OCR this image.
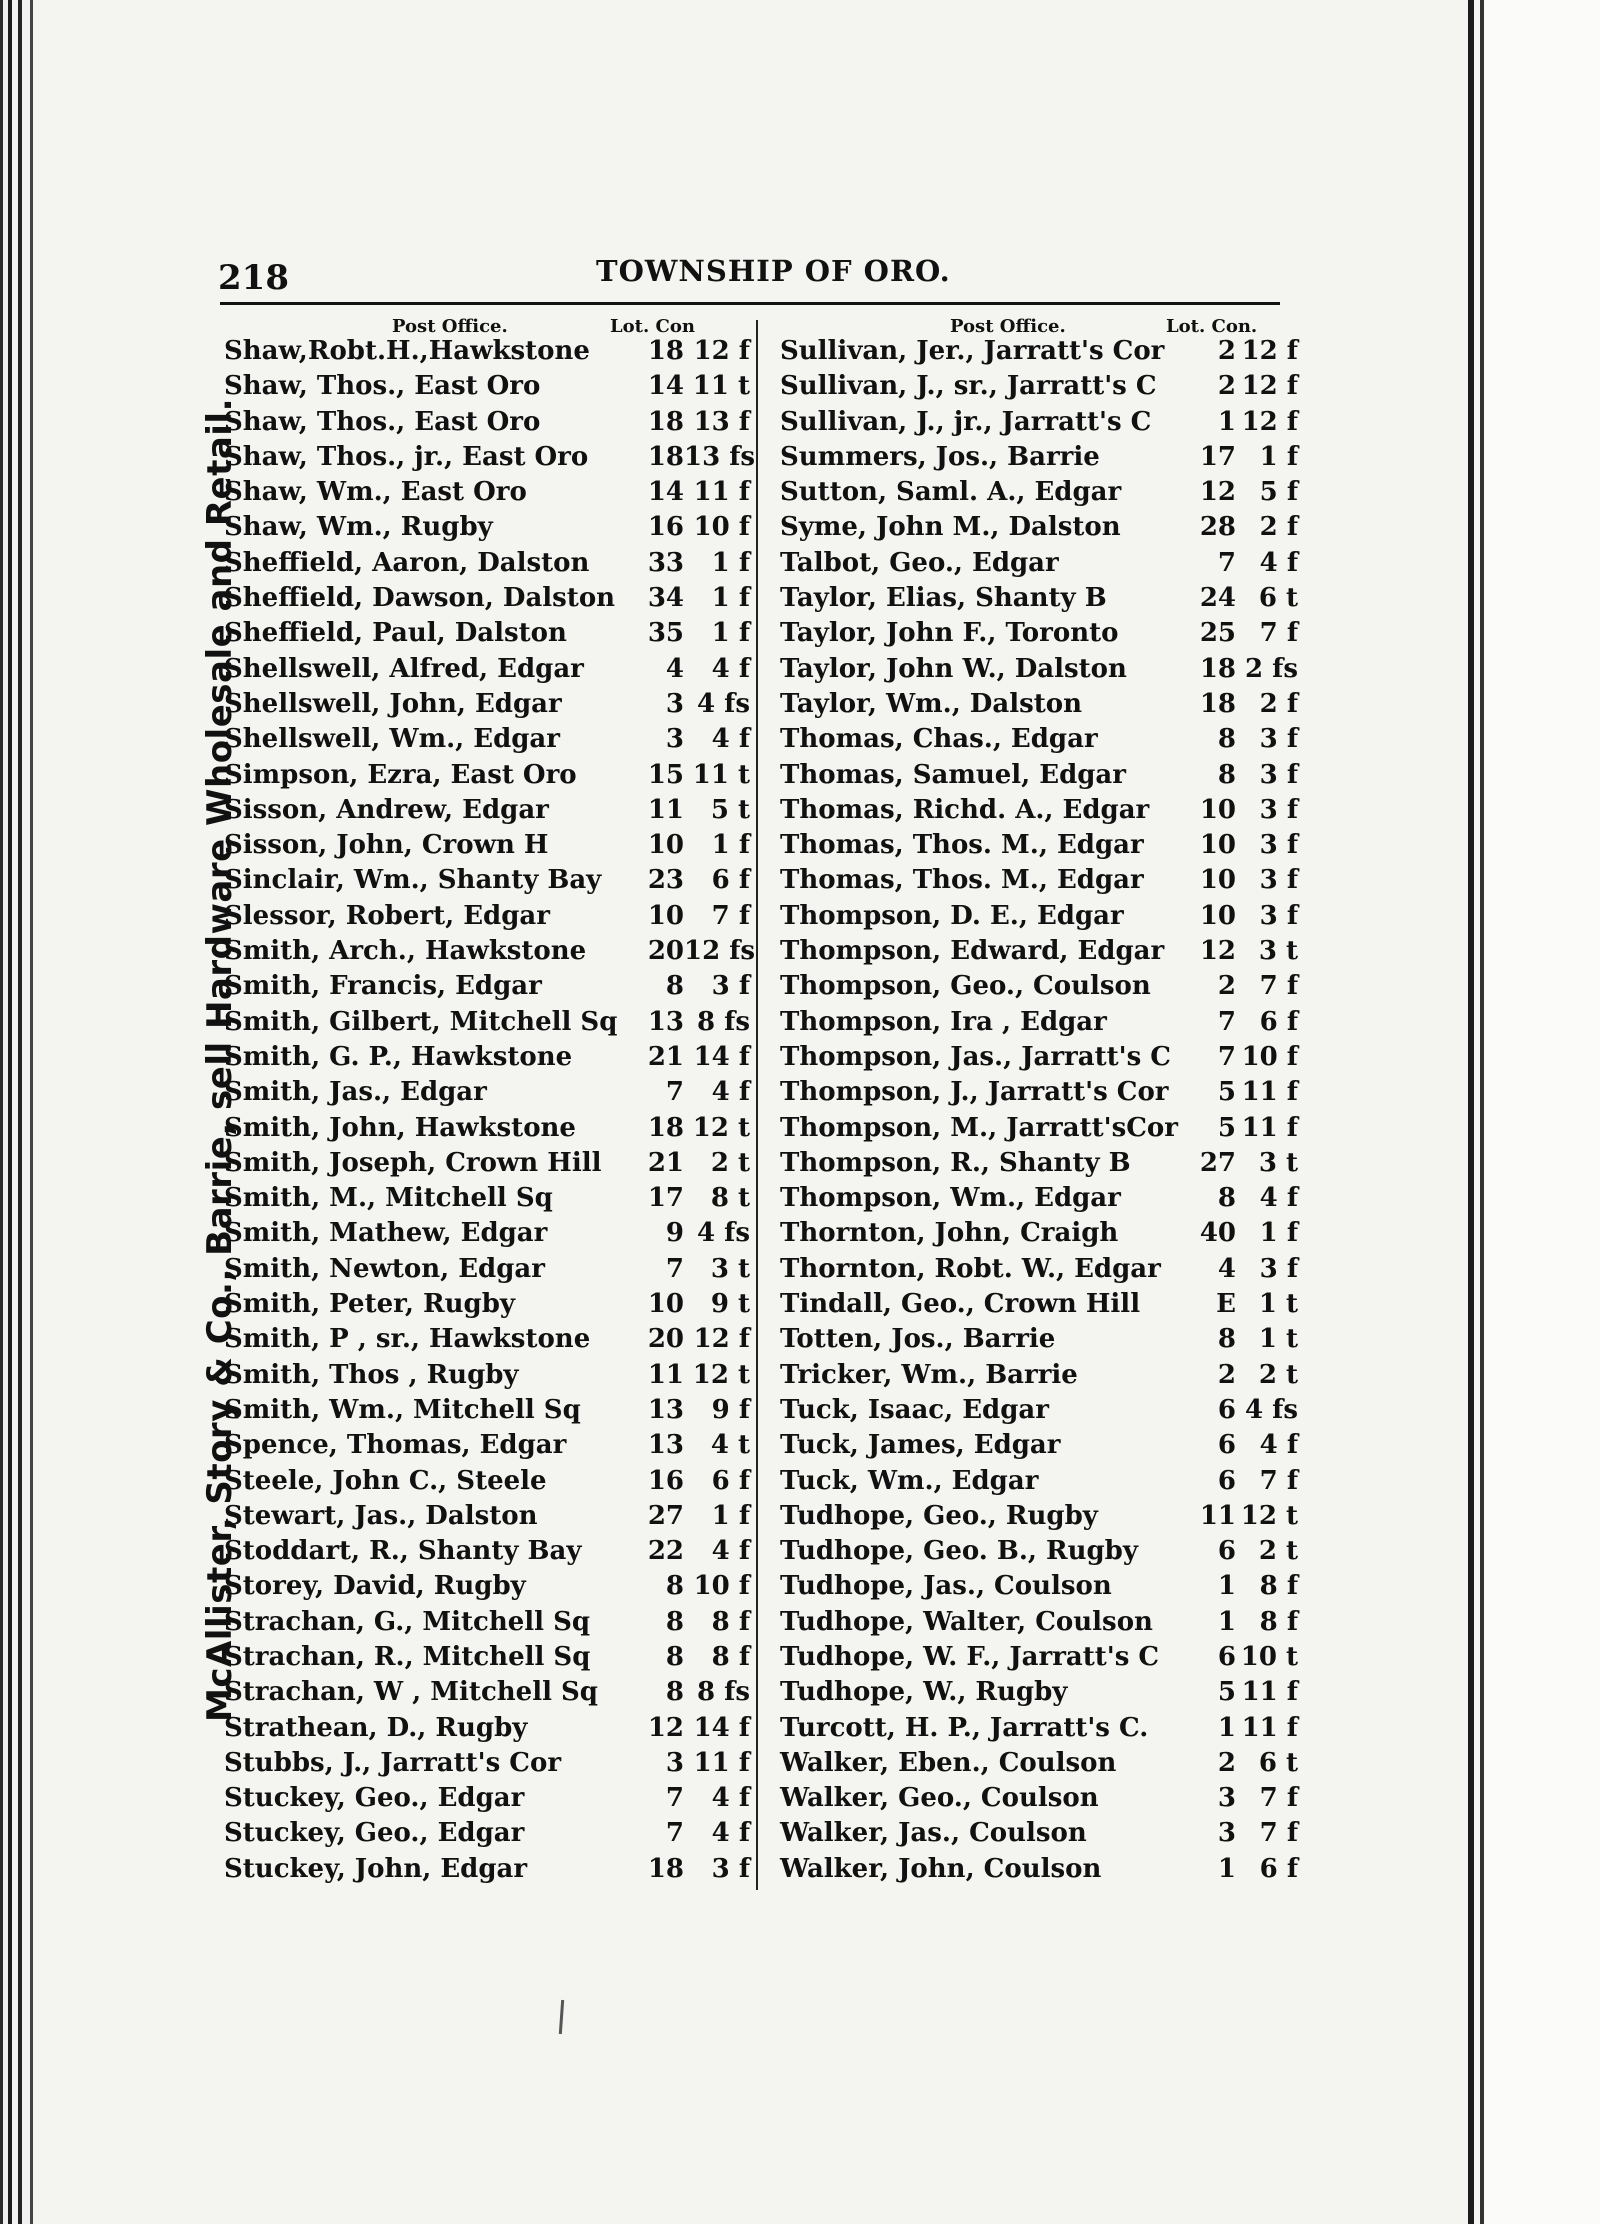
218	TOWNSHIP OF ORO.
McAllister, Story & Co., Barrie, sell Hardware Wholesale and Retail.
Post Office.	Lot. Con	Post Office.	Lot. Con.
Shaw,Robt.H.,Hawkstone	18 12 f
Shaw, Thos., East Oro	14 11 t
Shaw, Thos., East Oro	18 13 f
Shaw, Thos., jr., East Oro	18 13 fs
Shaw, Wm., East Oro	14 11 f
Shaw, Wm., Rugby	16 10 f
Sheffield, Aaron, Dalston	33	1 f
Sheffield, Dawson, Dalston	34	1 f
Sheffield, Paul, Dalston	35	1 f
Shellswell, Alfred, Edgar	4	4 f
Shellswell, John, Edgar	3 4 fs
Shellswell, Wm., Edgar	3	4 f
Simpson, Ezra, East Oro	15 11 t
Sisson, Andrew, Edgar	11	5 t
Sisson, John, Crown H	10	1 f
Sinclair, Wm., Shanty Bay	23	6 f
Slessor, Robert, Edgar	10	7 f
Smith, Arch., Hawkstone	20 12 fs
Smith, Francis, Edgar	8	3 f
Smith, Gilbert, Mitchell Sq	13 8 fs
Smith, G. P., Hawkstone	21 14 f
Smith, Jas., Edgar	7	4 f
Smith, John, Hawkstone	18 12 t
Smith, Joseph, Crown Hill	21	2 t
Smith, M., Mitchell Sq	17	8 t
Smith, Mathew, Edgar	9 4 fs
Smith, Newton, Edgar	7	3 t
Smith, Peter, Rugby	10	9 t
Smith, P , sr., Hawkstone	20 12 f
Smith, Thos , Rugby	11 12 t
Smith, Wm., Mitchell Sq	13	9 f
Spence, Thomas, Edgar	13	4 t
Steele, John C., Steele	16	6 f
Stewart, Jas., Dalston	27	1 f
Stoddart, R., Shanty Bay	22	4 f
Storey, David, Rugby	8 10 f
Strachan, G., Mitchell Sq	8	8 f
Strachan, R., Mitchell Sq	8	8 f
Strachan, W , Mitchell Sq	8 8 fs
Strathean, D., Rugby	12 14 f
Stubbs, J., Jarratt's Cor	3 11 f
Stuckey, Geo., Edgar	7	4 f
Stuckey, Geo., Edgar	7	4 f
Stuckey, John, Edgar	18	3 f
Sullivan, Jer., Jarratt's Cor	2 12 f
Sullivan, J., sr., Jarratt's C	2 12 f
Sullivan, J., jr., Jarratt's C	1 12 f
Summers, Jos., Barrie	17 1 f
Sutton, Saml. A., Edgar	12 5 f
Syme, John M., Dalston	28 2 f
Talbot, Geo., Edgar	7 4 f
Taylor, Elias, Shanty B	24 6 t
Taylor, John F., Toronto	25 7 f
Taylor, John W., Dalston	18 2 fs
Taylor, Wm., Dalston	18 2 f
Thomas, Chas., Edgar	8 3 f
Thomas, Samuel, Edgar	8 3 f
Thomas, Richd. A., Edgar	10 3 f
Thomas, Thos. M., Edgar	10 3 f
Thomas, Thos. M., Edgar	10 3 f
Thompson, D. E., Edgar	10 3 f
Thompson, Edward, Edgar	12 3 t
Thompson, Geo., Coulson	2 7 f
Thompson, Ira , Edgar	7 6 f
Thompson, Jas., Jarratt's C	7 10 f
Thompson, J., Jarratt's Cor	5 11 f
Thompson, M., Jarratt'sCor	5 11 f
Thompson, R., Shanty B	27 3 t
Thompson, Wm., Edgar	8 4 f
Thornton, John, Craigh	40 1 f
Thornton, Robt. W., Edgar	4 3 f
Tindall, Geo., Crown Hill	E 1 t
Totten, Jos., Barrie	8 1 t
Tricker, Wm., Barrie	2 2 t
Tuck, Isaac, Edgar	6 4 fs
Tuck, James, Edgar	6 4 f
Tuck, Wm., Edgar	6 7 f
Tudhope, Geo., Rugby	11 12 t
Tudhope, Geo. B., Rugby	6 2 t
Tudhope, Jas., Coulson	1 8 f
Tudhope, Walter, Coulson	1 8 f
Tudhope, W. F., Jarratt's C	6 10 t
Tudhope, W., Rugby	5 11 f
Turcott, H. P., Jarratt's C.	1 11 f
Walker, Eben., Coulson	2 6 t
Walker, Geo., Coulson	3 7 f
Walker, Jas., Coulson	3 7 f
Walker, John, Coulson	1 6 f
